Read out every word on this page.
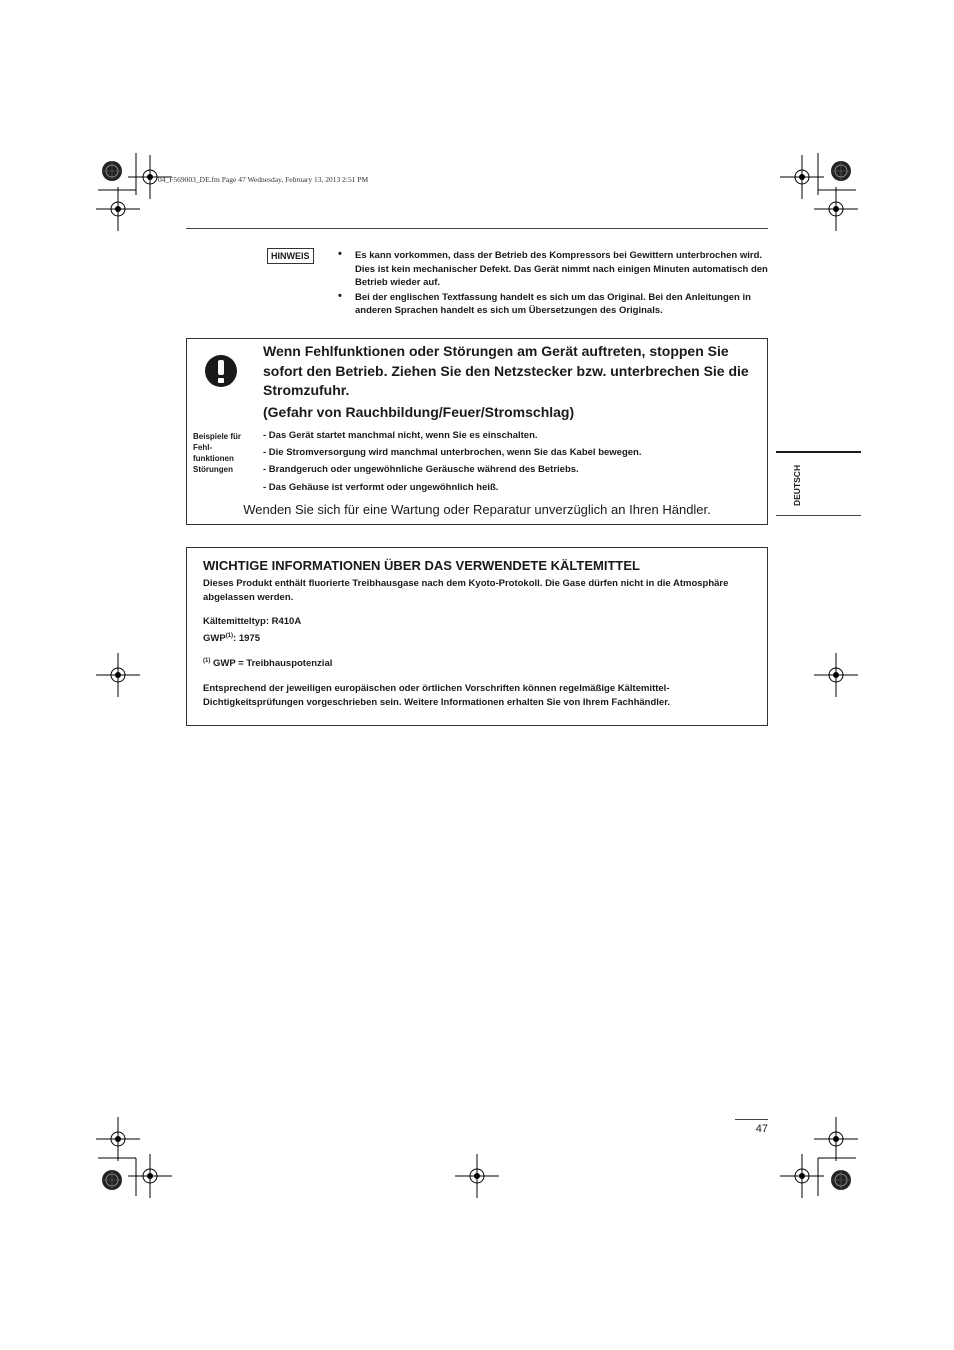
04_F569003_DE.fm Page 47 Wednesday, February 13, 2013 2:51 PM
HINWEIS	• Es kann vorkommen, dass der Betrieb des Kompressors bei Gewittern unterbrochen wird. Dies ist kein mechanischer Defekt. Das Gerät nimmt nach einigen Minuten automatisch den Betrieb wieder auf.
• Bei der englischen Textfassung handelt es sich um das Original. Bei den Anleitungen in anderen Sprachen handelt es sich um Übersetzungen des Originals.
Wenn Fehlfunktionen oder Störungen am Gerät auftreten, stoppen Sie sofort den Betrieb. Ziehen Sie den Netzstecker bzw. unterbrechen Sie die Stromzufuhr.
(Gefahr von Rauchbildung/Feuer/Stromschlag)
Beispiele für
Fehl-
funktionen
Störungen
- Das Gerät startet manchmal nicht, wenn Sie es einschalten.
- Die Stromversorgung wird manchmal unterbrochen, wenn Sie das Kabel bewegen.
- Brandgeruch oder ungewöhnliche Geräusche während des Betriebs.
- Das Gehäuse ist verformt oder ungewöhnlich heiß.
Wenden Sie sich für eine Wartung oder Reparatur unverzüglich an Ihren Händler.
WICHTIGE INFORMATIONEN ÜBER DAS VERWENDETE KÄLTEMITTEL
Dieses Produkt enthält fluorierte Treibhausgase nach dem Kyoto-Protokoll. Die Gase dürfen nicht in die Atmosphäre abgelassen werden.
Kältemitteltyp: R410A
GWP$^{(1)}$: 1975
$^{(1)}$ GWP = Treibhauspotenzial
Entsprechend der jeweiligen europäischen oder örtlichen Vorschriften können regelmäßige Kältemittel-Dichtigkeitsprüfungen vorgeschrieben sein. Weitere Informationen erhalten Sie von Ihrem Fachhändler.
DEUTSCH
47
